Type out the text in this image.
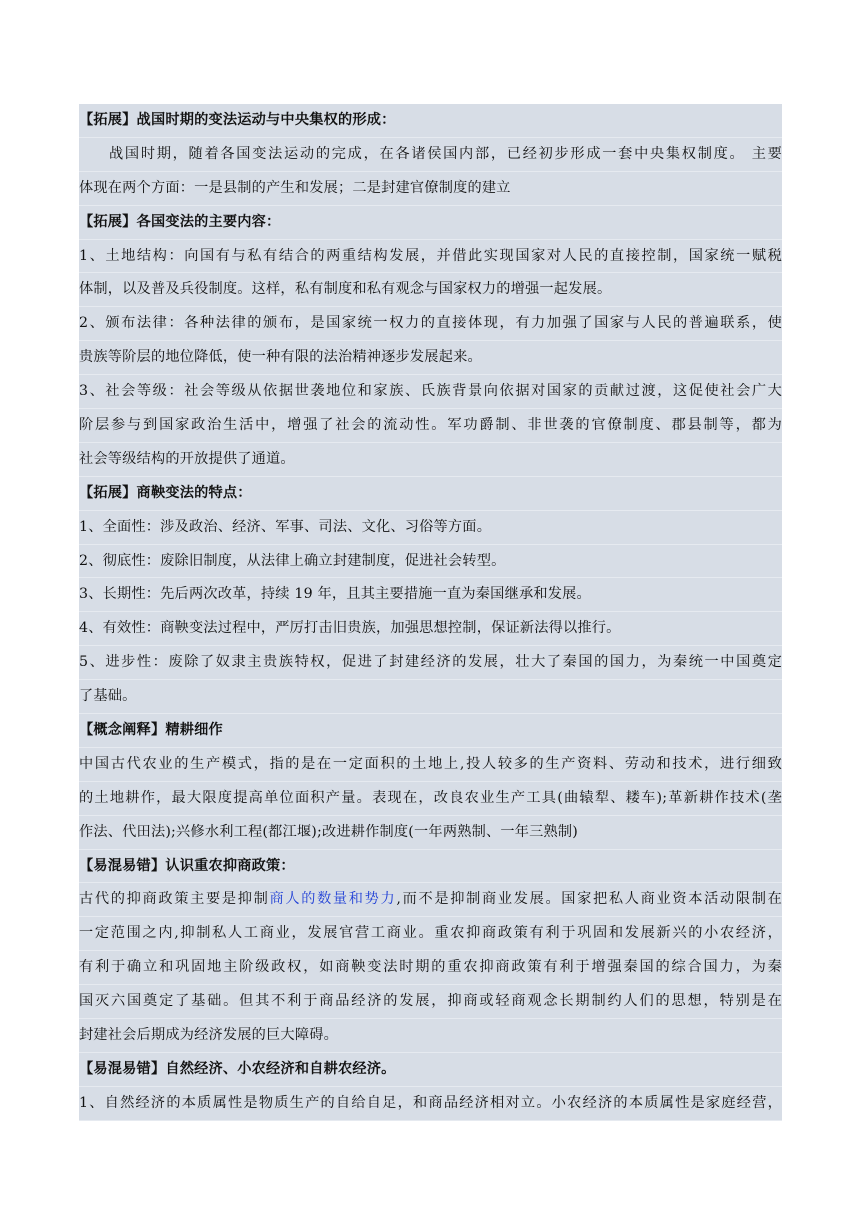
【拓展】战国时期的变法运动与中央集权的形成：
战国时期，随着各国变法运动的完成，在各诸侯国内部，已经初步形成一套中央集权制度。 主要
体现在两个方面：一是县制的产生和发展；二是封建官僚制度的建立
【拓展】各国变法的主要内容：
1、土地结构：向国有与私有结合的两重结构发展，并借此实现国家对人民的直接控制，国家统一赋税
体制，以及普及兵役制度。这样，私有制度和私有观念与国家权力的增强一起发展。
2、颁布法律：各种法律的颁布，是国家统一权力的直接体现，有力加强了国家与人民的普遍联系，使
贵族等阶层的地位降低，使一种有限的法治精神逐步发展起来。
3、社会等级：社会等级从依据世袭地位和家族、氏族背景向依据对国家的贡献过渡，这促使社会广大
阶层参与到国家政治生活中，增强了社会的流动性。军功爵制、非世袭的官僚制度、郡县制等，都为
社会等级结构的开放提供了通道。
【拓展】商鞅变法的特点：
1、全面性：涉及政治、经济、军事、司法、文化、习俗等方面。
2、彻底性：废除旧制度，从法律上确立封建制度，促进社会转型。
3、长期性：先后两次改革，持续 19 年，且其主要措施一直为秦国继承和发展。
4、有效性：商鞅变法过程中，严厉打击旧贵族，加强思想控制，保证新法得以推行。
5、进步性：废除了奴隶主贵族特权，促进了封建经济的发展，壮大了秦国的国力，为秦统一中国奠定
了基础。
【概念阐释】精耕细作
中国古代农业的生产模式，指的是在一定面积的土地上,投人较多的生产资料、劳动和技术，进行细致
的土地耕作，最大限度提高单位面积产量。表现在，改良农业生产工具(曲辕犁、耧车);革新耕作技术(垄
作法、代田法);兴修水利工程(都江堰);改进耕作制度(一年两熟制、一年三熟制)
【易混易错】认识重农抑商政策：
古代的抑商政策主要是抑制商人的数量和势力,而不是抑制商业发展。国家把私人商业资本活动限制在
一定范围之内,抑制私人工商业，发展官营工商业。重农抑商政策有利于巩固和发展新兴的小农经济，
有利于确立和巩固地主阶级政权，如商鞅变法时期的重农抑商政策有利于增强秦国的综合国力，为秦
国灭六国奠定了基础。但其不利于商品经济的发展，抑商或轻商观念长期制约人们的思想，特别是在
封建社会后期成为经济发展的巨大障碍。
【易混易错】自然经济、小农经济和自耕农经济。
1、自然经济的本质属性是物质生产的自给自足，和商品经济相对立。小农经济的本质属性是家庭经营，
